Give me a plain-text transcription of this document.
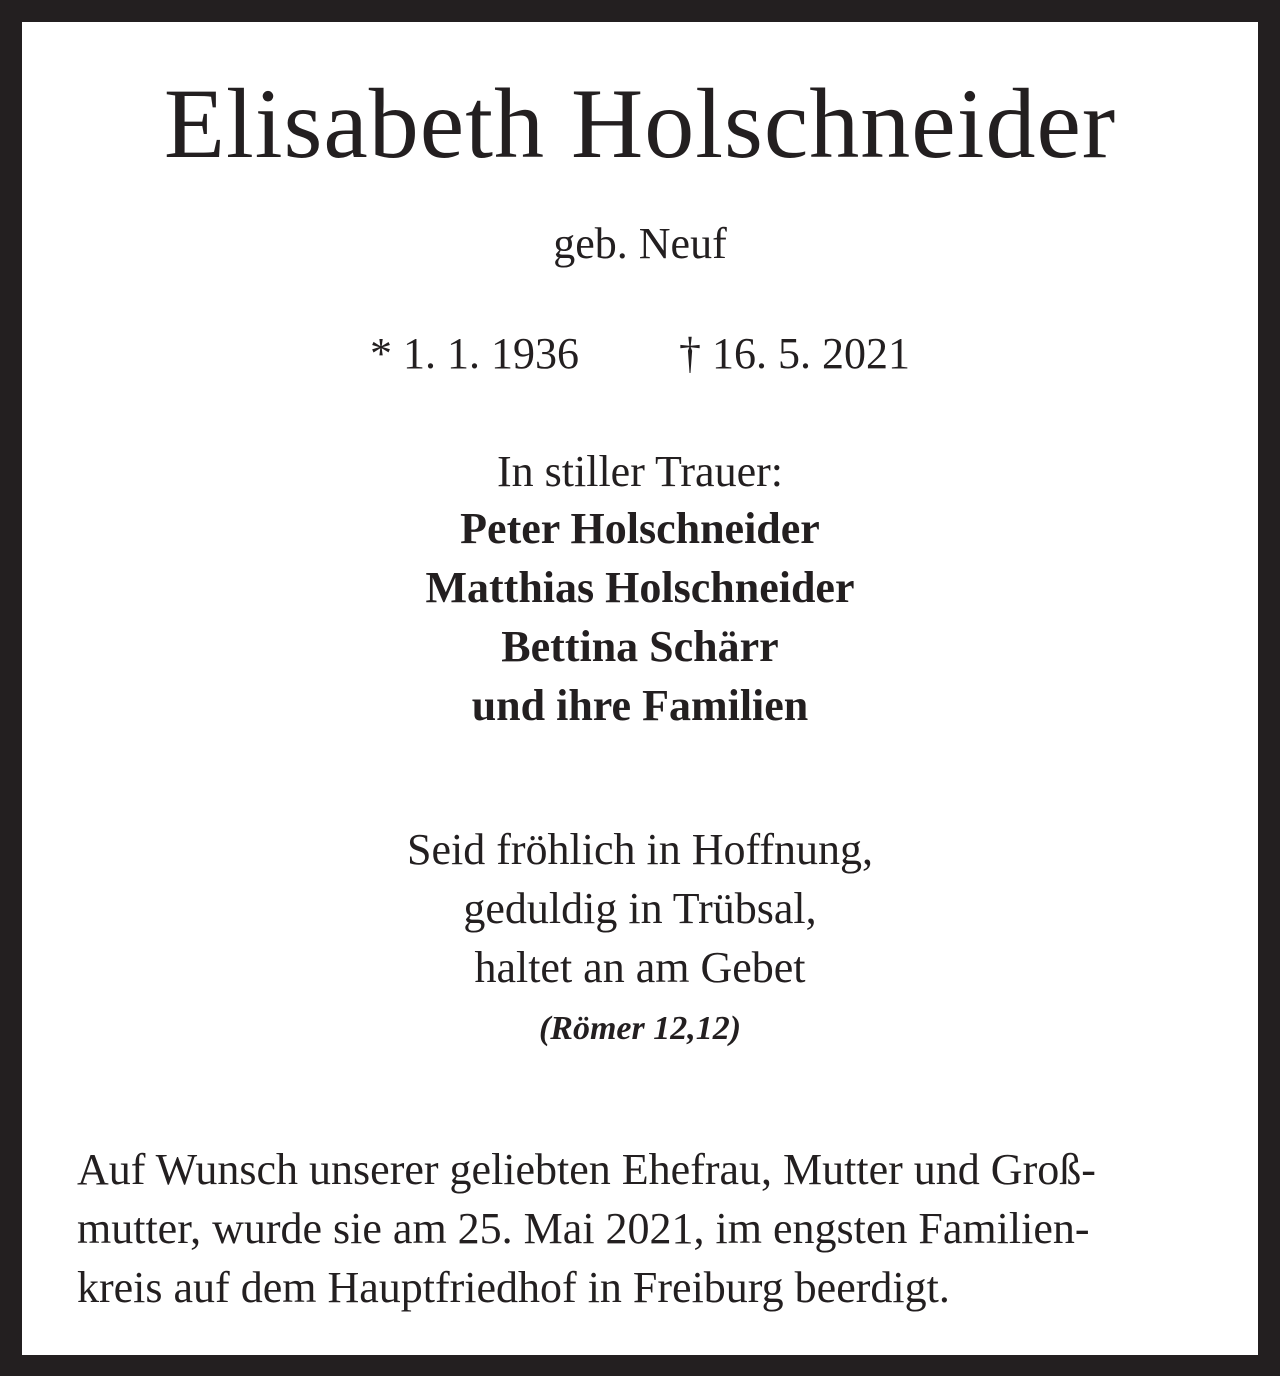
Elisabeth Holschneider
geb. Neuf
* 1. 1. 1936 † 16. 5. 2021
In stiller Trauer:
Peter Holschneider
Matthias Holschneider
Bettina Schärr
und ihre Familien
Seid fröhlich in Hoffnung,
geduldig in Trübsal,
haltet an am Gebet
(Römer 12,12)
Auf Wunsch unserer geliebten Ehefrau, Mutter und Groß-
mutter, wurde sie am 25. Mai 2021, im engsten Familien-
kreis auf dem Hauptfriedhof in Freiburg beerdigt.
